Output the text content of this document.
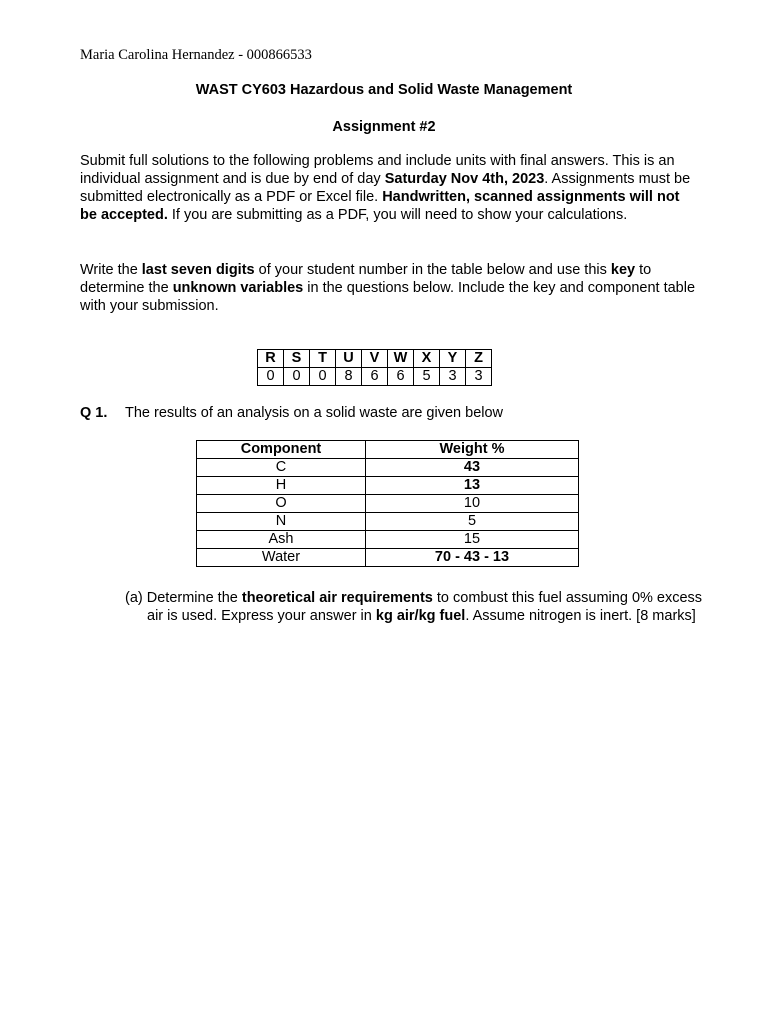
Maria Carolina Hernandez - 000866533
WAST CY603 Hazardous and Solid Waste Management
Assignment #2
Submit full solutions to the following problems and include units with final answers. This is an individual assignment and is due by end of day Saturday Nov 4th, 2023. Assignments must be submitted electronically as a PDF or Excel file. Handwritten, scanned assignments will not be accepted. If you are submitting as a PDF, you will need to show your calculations.
Write the last seven digits of your student number in the table below and use this key to determine the unknown variables in the questions below. Include the key and component table with your submission.
R	S	T	U	V	W	X	Y	Z
0	0	0	8	6	6	5	3	3
Q 1. The results of an analysis on a solid waste are given below
Component	Weight %
C	43
H	13
O	10
N	5
Ash	15
Water	70 - 43 - 13
(a) Determine the theoretical air requirements to combust this fuel assuming 0% excess air is used. Express your answer in kg air/kg fuel. Assume nitrogen is inert. [8 marks]
